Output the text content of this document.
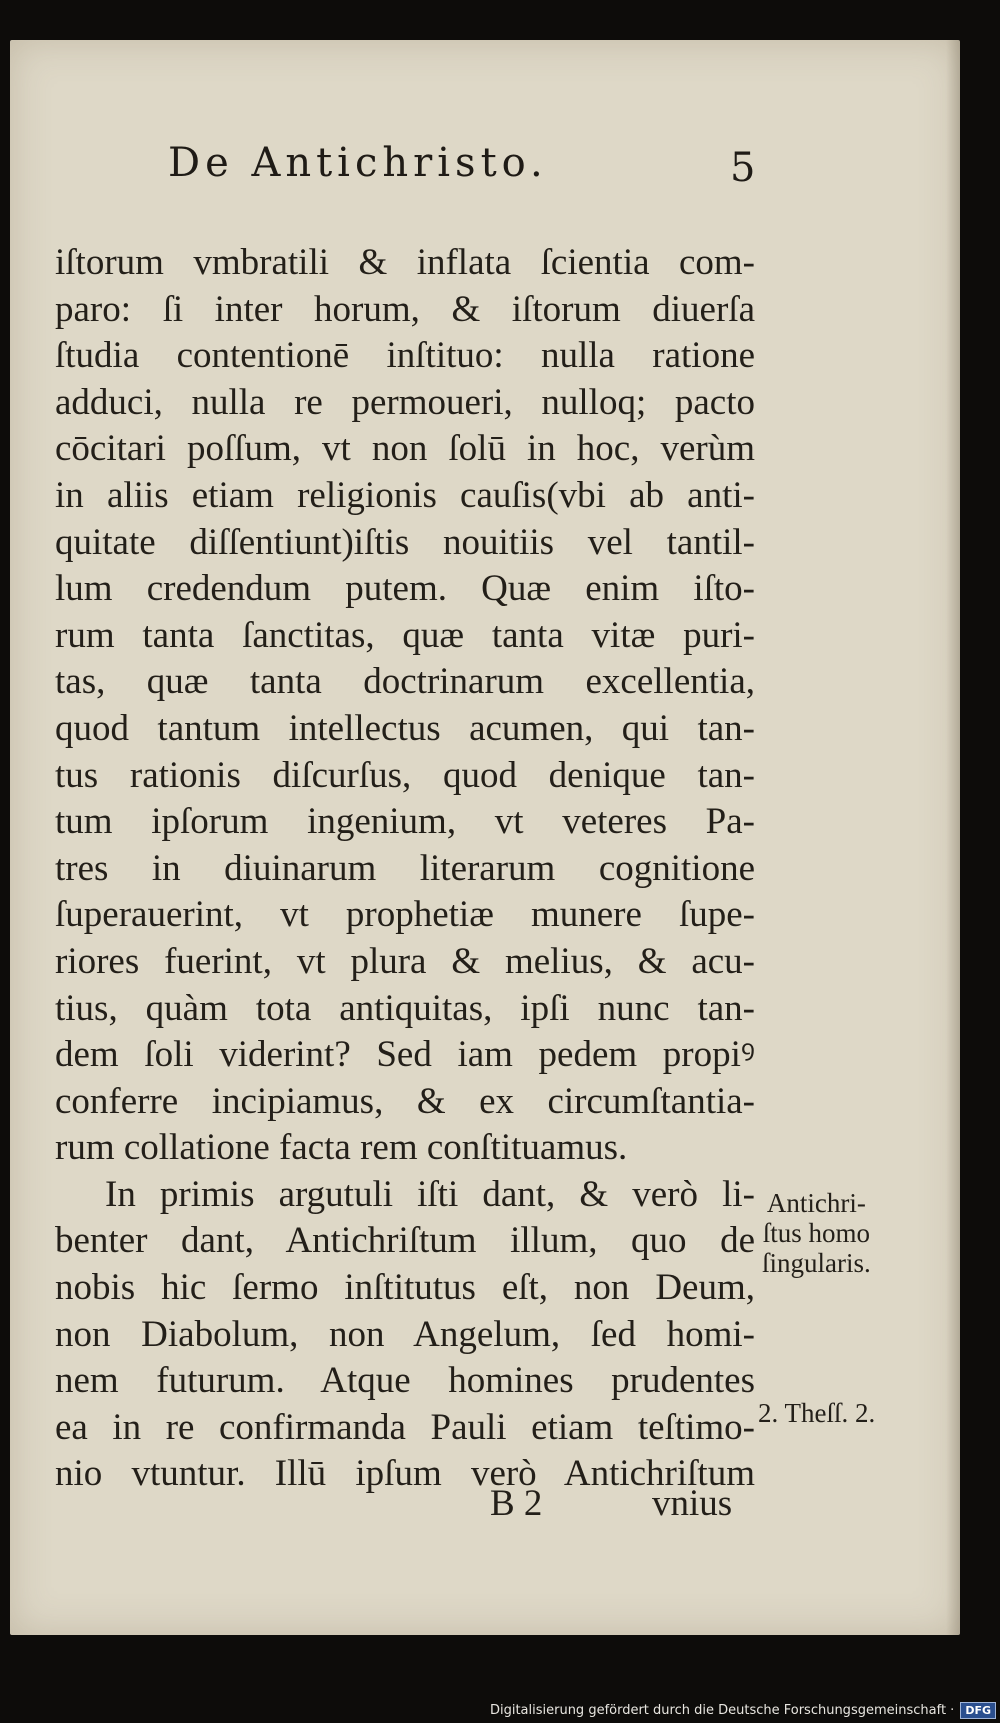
De Antichristo.	5
iſtorum vmbratili & inflata ſcientia com-
paro: ſi inter horum, & iſtorum diuerſa
ſtudia contentionē inſtituo: nulla ratione
adduci, nulla re permoueri, nulloq; pacto
cōcitari poſſum, vt non ſolū in hoc, verùm
in aliis etiam religionis cauſis(vbi ab anti-
quitate diſſentiunt)iſtis nouitiis vel tantil-
lum credendum putem. Quæ enim iſto-
rum tanta ſanctitas, quæ tanta vitæ puri-
tas, quæ tanta doctrinarum excellentia,
quod tantum intellectus acumen, qui tan-
tus rationis diſcurſus, quod denique tan-
tum ipſorum ingenium, vt veteres Pa-
tres in diuinarum literarum cognitione
ſuperauerint, vt prophetiæ munere ſupe-
riores fuerint, vt plura & melius, & acu-
tius, quàm tota antiquitas, ipſi nunc tan-
dem ſoli viderint? Sed iam pedem propiꝰ
conferre incipiamus, & ex circumſtantia-
rum collatione facta rem conſtituamus.
In primis argutuli iſti dant, & verò li-
benter dant, Antichriſtum illum, quo de
nobis hic ſermo inſtitutus eſt, non Deum,
non Diabolum, non Angelum, ſed homi-
nem futurum. Atque homines prudentes
ea in re confirmanda Pauli etiam teſtimo-
nio vtuntur. Illū ipſum verò Antichriſtum
Antichri-
ſtus homo
ſingularis.
2. Theſſ. 2.
B 2	vnius
Digitalisierung gefördert durch die Deutsche Forschungsgemeinschaft ·	DFG
